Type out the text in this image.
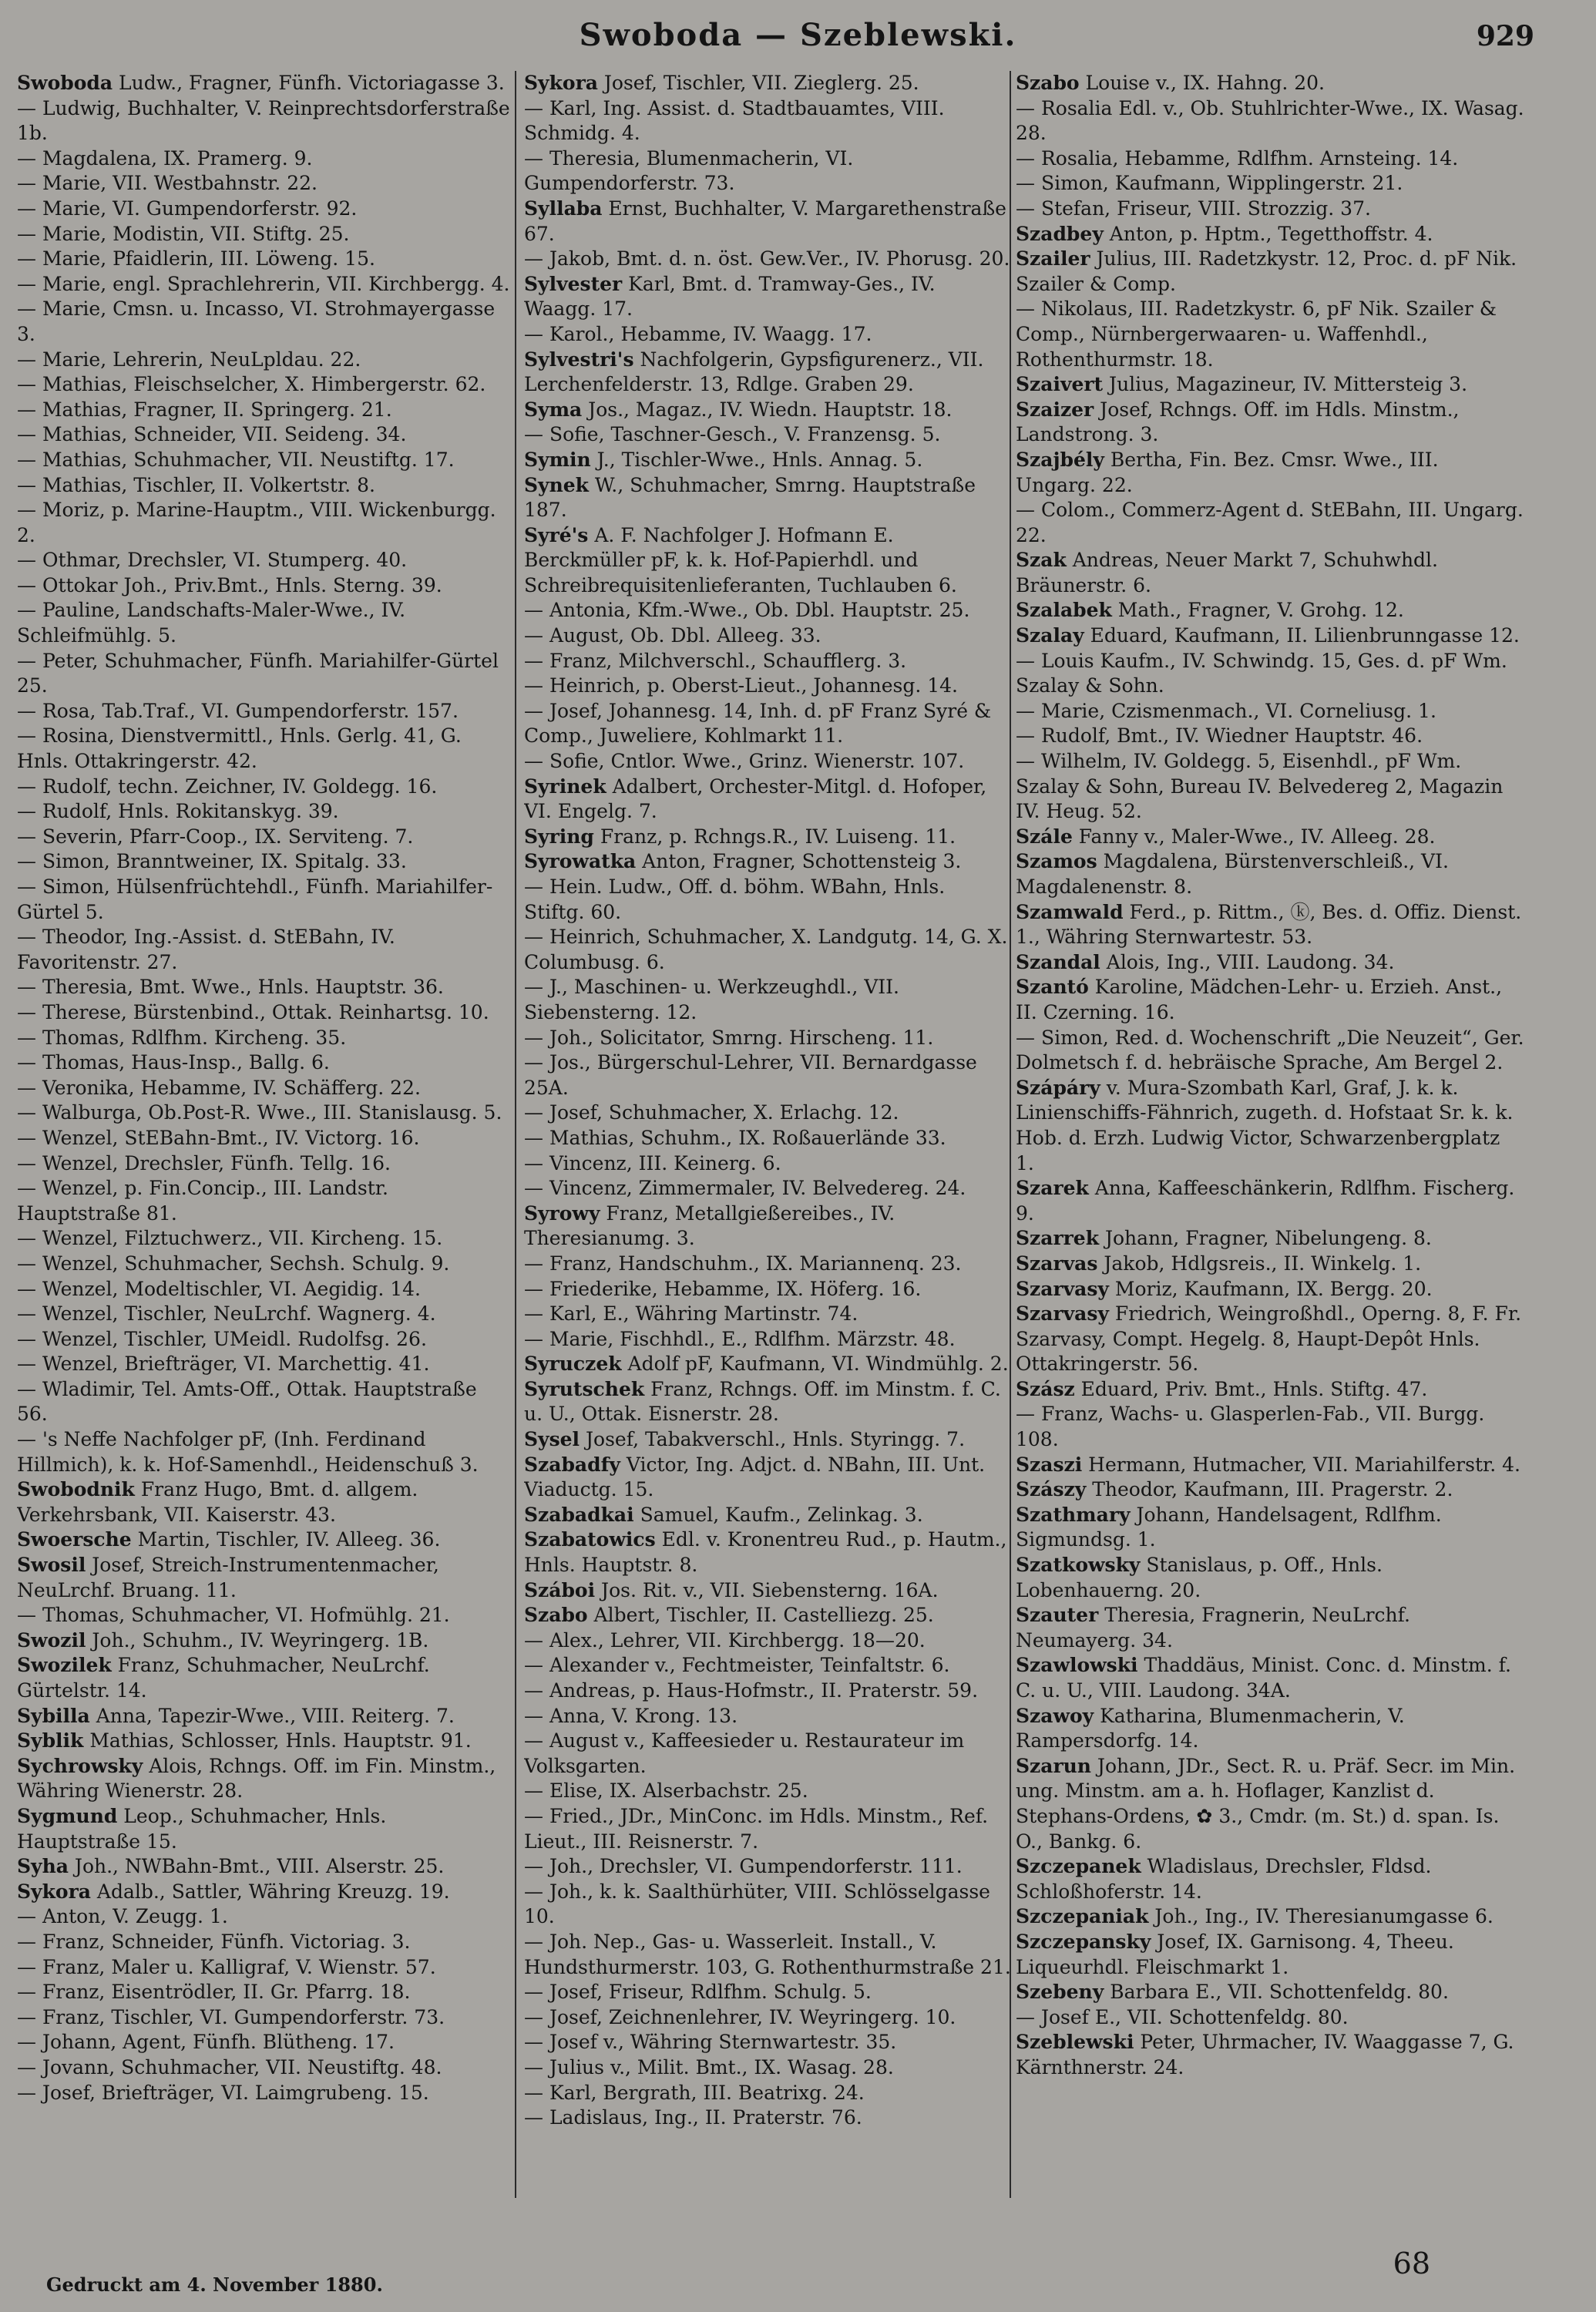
Swoboda — Szeblewski.	929

Swoboda Ludw., Fragner, Fünfh. Victoriagasse 3.

— Ludwig, Buchhalter, V. Reinprechtsdorferstraße 1b.

— Magdalena, IX. Pramerg. 9.

— Marie, VII. Westbahnstr. 22.

— Marie, VI. Gumpendorferstr. 92.

— Marie, Modistin, VII. Stiftg. 25.

— Marie, Pfaidlerin, III. Löweng. 15.

— Marie, engl. Sprachlehrerin, VII. Kirchbergg. 4.

— Marie, Cmsn. u. Incasso, VI. Strohmayergasse 3.

— Marie, Lehrerin, NeuLpldau. 22.

— Mathias, Fleischselcher, X. Himbergerstr. 62.

— Mathias, Fragner, II. Springerg. 21.

— Mathias, Schneider, VII. Seideng. 34.

— Mathias, Schuhmacher, VII. Neustiftg. 17.

— Mathias, Tischler, II. Volkertstr. 8.

— Moriz, p. Marine-Hauptm., VIII. Wickenburgg. 2.

— Othmar, Drechsler, VI. Stumperg. 40.

— Ottokar Joh., Priv.Bmt., Hnls. Sterng. 39.

— Pauline, Landschafts-Maler-Wwe., IV. Schleifmühlg. 5.

— Peter, Schuhmacher, Fünfh. Mariahilfer-Gürtel 25.

— Rosa, Tab.Traf., VI. Gumpendorferstr. 157.

— Rosina, Dienstvermittl., Hnls. Gerlg. 41, G. Hnls. Ottakringerstr. 42.

— Rudolf, techn. Zeichner, IV. Goldegg. 16.

— Rudolf, Hnls. Rokitanskyg. 39.

— Severin, Pfarr-Coop., IX. Serviteng. 7.

— Simon, Branntweiner, IX. Spitalg. 33.

— Simon, Hülsenfrüchtehdl., Fünfh. Mariahilfer-Gürtel 5.

— Theodor, Ing.-Assist. d. StEBahn, IV. Favoritenstr. 27.

— Theresia, Bmt. Wwe., Hnls. Hauptstr. 36.

— Therese, Bürstenbind., Ottak. Reinhartsg. 10.

— Thomas, Rdlfhm. Kircheng. 35.

— Thomas, Haus-Insp., Ballg. 6.

— Veronika, Hebamme, IV. Schäfferg. 22.

— Walburga, Ob.Post-R. Wwe., III. Stanislausg. 5.

— Wenzel, StEBahn-Bmt., IV. Victorg. 16.

— Wenzel, Drechsler, Fünfh. Tellg. 16.

— Wenzel, p. Fin.Concip., III. Landstr. Hauptstraße 81.

— Wenzel, Filztuchwerz., VII. Kircheng. 15.

— Wenzel, Schuhmacher, Sechsh. Schulg. 9.

— Wenzel, Modeltischler, VI. Aegidig. 14.

— Wenzel, Tischler, NeuLrchf. Wagnerg. 4.

— Wenzel, Tischler, UMeidl. Rudolfsg. 26.

— Wenzel, Briefträger, VI. Marchettig. 41.

— Wladimir, Tel. Amts-Off., Ottak. Hauptstraße 56.

— 's Neffe Nachfolger pF, (Inh. Ferdinand Hillmich), k. k. Hof-Samenhdl., Heidenschuß 3.

Swobodnik Franz Hugo, Bmt. d. allgem. Verkehrsbank, VII. Kaiserstr. 43.

Swoersche Martin, Tischler, IV. Alleeg. 36.

Swosil Josef, Streich-Instrumentenmacher, NeuLrchf. Bruang. 11.

— Thomas, Schuhmacher, VI. Hofmühlg. 21.

Swozil Joh., Schuhm., IV. Weyringerg. 1B.

Swozilek Franz, Schuhmacher, NeuLrchf. Gürtelstr. 14.

Sybilla Anna, Tapezir-Wwe., VIII. Reiterg. 7.

Syblik Mathias, Schlosser, Hnls. Hauptstr. 91.

Sychrowsky Alois, Rchngs. Off. im Fin. Minstm., Währing Wienerstr. 28.

Sygmund Leop., Schuhmacher, Hnls. Hauptstraße 15.

Syha Joh., NWBahn-Bmt., VIII. Alserstr. 25.

Sykora Adalb., Sattler, Währing Kreuzg. 19.

— Anton, V. Zeugg. 1.

— Franz, Schneider, Fünfh. Victoriag. 3.

— Franz, Maler u. Kalligraf, V. Wienstr. 57.

— Franz, Eisentrödler, II. Gr. Pfarrg. 18.

— Franz, Tischler, VI. Gumpendorferstr. 73.

— Johann, Agent, Fünfh. Blütheng. 17.

— Jovann, Schuhmacher, VII. Neustiftg. 48.

— Josef, Briefträger, VI. Laimgrubeng. 15.

Sykora Josef, Tischler, VII. Zieglerg. 25.

— Karl, Ing. Assist. d. Stadtbauamtes, VIII. Schmidg. 4.

— Theresia, Blumenmacherin, VI. Gumpendorferstr. 73.

Syllaba Ernst, Buchhalter, V. Margarethenstraße 67.

— Jakob, Bmt. d. n. öst. Gew.Ver., IV. Phorusg. 20.

Sylvester Karl, Bmt. d. Tramway-Ges., IV. Waagg. 17.

— Karol., Hebamme, IV. Waagg. 17.

Sylvestri's Nachfolgerin, Gypsfigurenerz., VII. Lerchenfelderstr. 13, Rdlge. Graben 29.

Syma Jos., Magaz., IV. Wiedn. Hauptstr. 18.

— Sofie, Taschner-Gesch., V. Franzensg. 5.

Symin J., Tischler-Wwe., Hnls. Annag. 5.

Synek W., Schuhmacher, Smrng. Hauptstraße 187.

Syré's A. F. Nachfolger J. Hofmann E. Berckmüller pF, k. k. Hof-Papierhdl. und Schreibrequisitenlieferanten, Tuchlauben 6.

— Antonia, Kfm.-Wwe., Ob. Dbl. Hauptstr. 25.

— August, Ob. Dbl. Alleeg. 33.

— Franz, Milchverschl., Schaufflerg. 3.

— Heinrich, p. Oberst-Lieut., Johannesg. 14.

— Josef, Johannesg. 14, Inh. d. pF Franz Syré & Comp., Juweliere, Kohlmarkt 11.

— Sofie, Cntlor. Wwe., Grinz. Wienerstr. 107.

Syrinek Adalbert, Orchester-Mitgl. d. Hofoper, VI. Engelg. 7.

Syring Franz, p. Rchngs.R., IV. Luiseng. 11.

Syrowatka Anton, Fragner, Schottensteig 3.

— Hein. Ludw., Off. d. böhm. WBahn, Hnls. Stiftg. 60.

— Heinrich, Schuhmacher, X. Landgutg. 14, G. X. Columbusg. 6.

— J., Maschinen- u. Werkzeughdl., VII. Siebensterng. 12.

— Joh., Solicitator, Smrng. Hirscheng. 11.

— Jos., Bürgerschul-Lehrer, VII. Bernardgasse 25A.

— Josef, Schuhmacher, X. Erlachg. 12.

— Mathias, Schuhm., IX. Roßauerlände 33.

— Vincenz, III. Keinerg. 6.

— Vincenz, Zimmermaler, IV. Belvedereg. 24.

Syrowy Franz, Metallgießereibes., IV. Theresianumg. 3.

— Franz, Handschuhm., IX. Mariannenq. 23.

— Friederike, Hebamme, IX. Höferg. 16.

— Karl, E., Währing Martinstr. 74.

— Marie, Fischhdl., E., Rdlfhm. Märzstr. 48.

Syruczek Adolf pF, Kaufmann, VI. Windmühlg. 2.

Syrutschek Franz, Rchngs. Off. im Minstm. f. C. u. U., Ottak. Eisnerstr. 28.

Sysel Josef, Tabakverschl., Hnls. Styringg. 7.

Szabadfy Victor, Ing. Adjct. d. NBahn, III. Unt. Viaductg. 15.

Szabadkai Samuel, Kaufm., Zelinkag. 3.

Szabatowics Edl. v. Kronentreu Rud., p. Hautm., Hnls. Hauptstr. 8.

Száboi Jos. Rit. v., VII. Siebensterng. 16A.

Szabo Albert, Tischler, II. Castelliezg. 25.

— Alex., Lehrer, VII. Kirchbergg. 18—20.

— Alexander v., Fechtmeister, Teinfaltstr. 6.

— Andreas, p. Haus-Hofmstr., II. Praterstr. 59.

— Anna, V. Krong. 13.

— August v., Kaffeesieder u. Restaurateur im Volksgarten.

— Elise, IX. Alserbachstr. 25.

— Fried., JDr., MinConc. im Hdls. Minstm., Ref. Lieut., III. Reisnerstr. 7.

— Joh., Drechsler, VI. Gumpendorferstr. 111.

— Joh., k. k. Saalthürhüter, VIII. Schlösselgasse 10.

— Joh. Nep., Gas- u. Wasserleit. Install., V. Hundsthurmerstr. 103, G. Rothenthurmstraße 21.

— Josef, Friseur, Rdlfhm. Schulg. 5.

— Josef, Zeichnenlehrer, IV. Weyringerg. 10.

— Josef v., Währing Sternwartestr. 35.

— Julius v., Milit. Bmt., IX. Wasag. 28.

— Karl, Bergrath, III. Beatrixg. 24.

— Ladislaus, Ing., II. Praterstr. 76.

Szabo Louise v., IX. Hahng. 20.

— Rosalia Edl. v., Ob. Stuhlrichter-Wwe., IX. Wasag. 28.

— Rosalia, Hebamme, Rdlfhm. Arnsteing. 14.

— Simon, Kaufmann, Wipplingerstr. 21.

— Stefan, Friseur, VIII. Strozzig. 37.

Szadbey Anton, p. Hptm., Tegetthoffstr. 4.

Szailer Julius, III. Radetzkystr. 12, Proc. d. pF Nik. Szailer & Comp.

— Nikolaus, III. Radetzkystr. 6, pF Nik. Szailer & Comp., Nürnbergerwaaren- u. Waffenhdl., Rothenthurmstr. 18.

Szaivert Julius, Magazineur, IV. Mittersteig 3.

Szaizer Josef, Rchngs. Off. im Hdls. Minstm., Landstrong. 3.

Szajbély Bertha, Fin. Bez. Cmsr. Wwe., III. Ungarg. 22.

— Colom., Commerz-Agent d. StEBahn, III. Ungarg. 22.

Szak Andreas, Neuer Markt 7, Schuhwhdl. Bräunerstr. 6.

Szalabek Math., Fragner, V. Grohg. 12.

Szalay Eduard, Kaufmann, II. Lilienbrunngasse 12.

— Louis Kaufm., IV. Schwindg. 15, Ges. d. pF Wm. Szalay & Sohn.

— Marie, Czismenmach., VI. Corneliusg. 1.

— Rudolf, Bmt., IV. Wiedner Hauptstr. 46.

— Wilhelm, IV. Goldegg. 5, Eisenhdl., pF Wm. Szalay & Sohn, Bureau IV. Belvedereg 2, Magazin IV. Heug. 52.

Szále Fanny v., Maler-Wwe., IV. Alleeg. 28.

Szamos Magdalena, Bürstenverschleiß., VI. Magdalenenstr. 8.

Szamwald Ferd., p. Rittm., ⓚ, Bes. d. Offiz. Dienst. 1., Währing Sternwartestr. 53.

Szandal Alois, Ing., VIII. Laudong. 34.

Szantó Karoline, Mädchen-Lehr- u. Erzieh. Anst., II. Czerning. 16.

— Simon, Red. d. Wochenschrift „Die Neuzeit“, Ger. Dolmetsch f. d. hebräische Sprache, Am Bergel 2.

Szápáry v. Mura-Szombath Karl, Graf, J. k. k. Linienschiffs-Fähnrich, zugeth. d. Hofstaat Sr. k. k. Hob. d. Erzh. Ludwig Victor, Schwarzenbergplatz 1.

Szarek Anna, Kaffeeschänkerin, Rdlfhm. Fischerg. 9.

Szarrek Johann, Fragner, Nibelungeng. 8.

Szarvas Jakob, Hdlgsreis., II. Winkelg. 1.

Szarvasy Moriz, Kaufmann, IX. Bergg. 20.

Szarvasy Friedrich, Weingroßhdl., Operng. 8, F. Fr. Szarvasy, Compt. Hegelg. 8, Haupt-Depôt Hnls. Ottakringerstr. 56.

Szász Eduard, Priv. Bmt., Hnls. Stiftg. 47.

— Franz, Wachs- u. Glasperlen-Fab., VII. Burgg. 108.

Szaszi Hermann, Hutmacher, VII. Mariahilferstr. 4.

Szászy Theodor, Kaufmann, III. Pragerstr. 2.

Szathmary Johann, Handelsagent, Rdlfhm. Sigmundsg. 1.

Szatkowsky Stanislaus, p. Off., Hnls. Lobenhauerng. 20.

Szauter Theresia, Fragnerin, NeuLrchf. Neumayerg. 34.

Szawlowski Thaddäus, Minist. Conc. d. Minstm. f. C. u. U., VIII. Laudong. 34A.

Szawoy Katharina, Blumenmacherin, V. Rampersdorfg. 14.

Szarun Johann, JDr., Sect. R. u. Präf. Secr. im Min. ung. Minstm. am a. h. Hoflager, Kanzlist d. Stephans-Ordens, ✿ 3., Cmdr. (m. St.) d. span. Is. O., Bankg. 6.

Szczepanek Wladislaus, Drechsler, Fldsd. Schloßhoferstr. 14.

Szczepaniak Joh., Ing., IV. Theresianumgasse 6.

Szczepansky Josef, IX. Garnisong. 4, Theeu. Liqueurhdl. Fleischmarkt 1.

Szebeny Barbara E., VII. Schottenfeldg. 80.

— Josef E., VII. Schottenfeldg. 80.

Szeblewski Peter, Uhrmacher, IV. Waaggasse 7, G. Kärnthnerstr. 24.

Gedruckt am 4. November 1880.
68
